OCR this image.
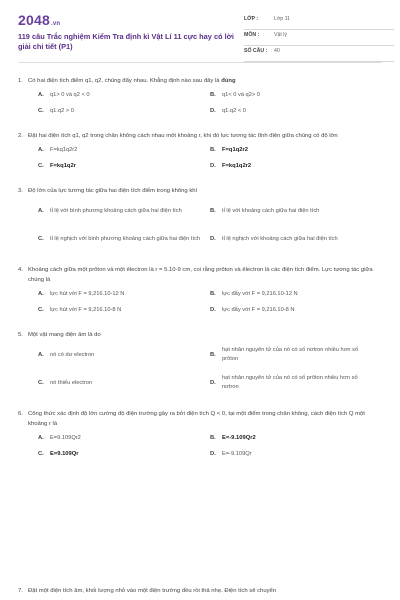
2048.vn
119 câu Trắc nghiệm Kiểm Tra định kì Vật Lí 11 cực hay có lời giải chi tiết (P1)
LỚP :	Lớp 11
MÔN :	Vật lý
SỐ CÂU : 40
1. Có hai điện tích điểm q1, q2, chúng đẩy nhau. Khẳng định nào sau đây là đúng
A.	q1> 0 và q2 < 0	B.	q1< 0 và q2> 0
C.	q1.q2 > 0	D.	q1.q2 < 0
2. Đặt hai điện tích q1, q2 trong chân không cách nhau một khoảng r, khi đó lực tương tác tĩnh điện giữa chúng có độ lớn
A.	F=kq1q2r2	B.	F=q1q2r2
C.	F=kq1q2r	D.	F=kq1q2r2
3. Độ lớn của lực tương tác giữa hai điện tích điểm trong không khí
A.	tỉ lệ với bình phương khoảng cách giữa hai điện tích	B.	tỉ lệ với khoảng cách giữa hai điện tích
C.	tỉ lệ nghịch với bình phương khoảng cách giữa hai điện tích	D.	tỉ lệ nghịch với khoảng cách giữa hai điện tích
4. Khoảng cách giữa một prôton và một êlectron là r = 5.10-9 cm, coi rằng prôton và êlectron là các điện tích điểm. Lực tương tác giữa chúng là
A.	lực hút với F = 9,216.10-12 N	B.	lực đẩy với F = 9,216.10-12 N
C.	lực hút với F = 9,216.10-8 N	D.	lực đẩy với F = 9,216.10-8 N
5. Một vật mang điện âm là do
A.	nó có dư electron	B.
hạt nhân nguyên tử của nó có số nơtron nhiều hơn số prôton
C.	nó thiếu electron	D.
hạt nhân nguyên tử của nó có số prôton nhiều hơn số nơtron
6. Công thức xác định độ lớn cường độ điện trường gây ra bởi điện tích Q < 0, tại một điểm trong chân không, cách điện tích Q một khoảng r là
A.	E=9.109Qr2	B.	E=-9.109Qr2
C.	E=9.109Qr	D.	E=-9.109Qr
7. Đặt một điện tích âm, khối lượng nhỏ vào một điện trường đều rồi thả nhẹ. Điện tích sẽ chuyển
